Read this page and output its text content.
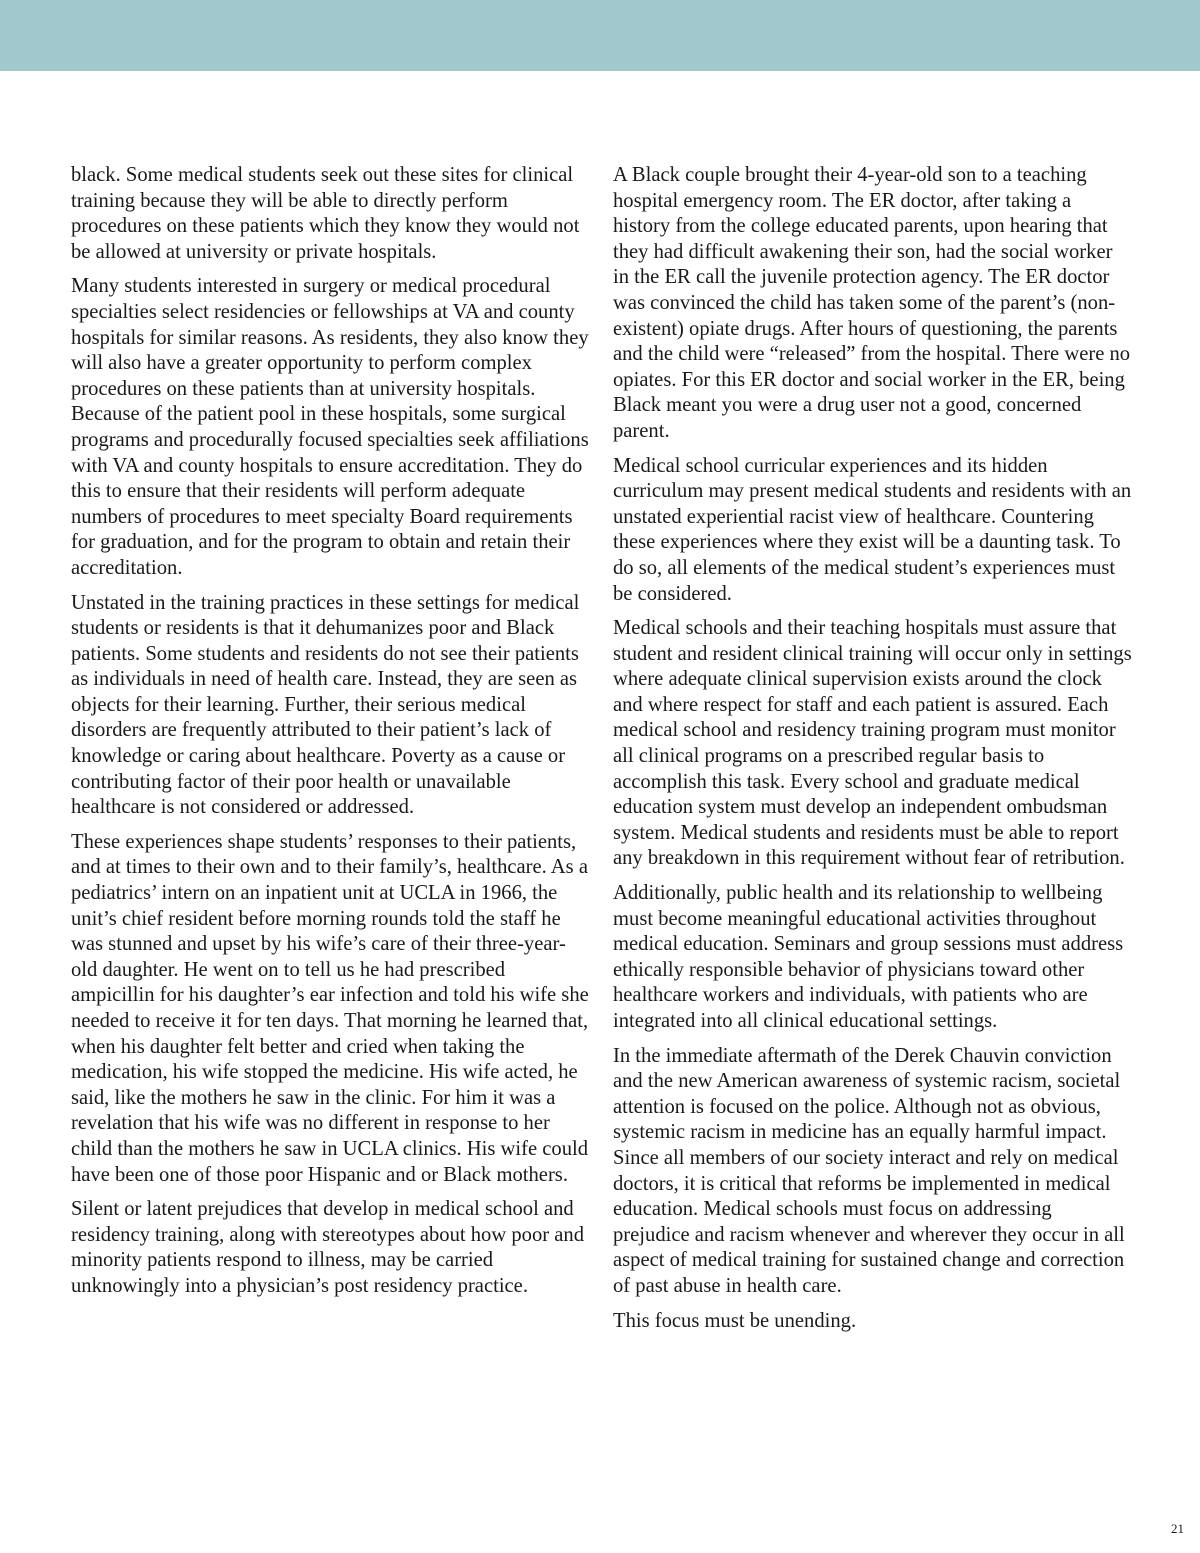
black. Some medical students seek out these sites for clinical training because they will be able to directly perform procedures on these patients which they know they would not be allowed at university or private hospitals.

Many students interested in surgery or medical procedural specialties select residencies or fellowships at VA and county hospitals for similar reasons. As residents, they also know they will also have a greater opportunity to perform complex procedures on these patients than at university hospitals. Because of the patient pool in these hospitals, some surgical programs and procedurally focused specialties seek affiliations with VA and county hospitals to ensure accreditation. They do this to ensure that their residents will perform adequate numbers of procedures to meet specialty Board requirements for graduation, and for the program to obtain and retain their accreditation.

Unstated in the training practices in these settings for medical students or residents is that it dehumanizes poor and Black patients. Some students and residents do not see their patients as individuals in need of health care. Instead, they are seen as objects for their learning. Further, their serious medical disorders are frequently attributed to their patient’s lack of knowledge or caring about healthcare. Poverty as a cause or contributing factor of their poor health or unavailable healthcare is not considered or addressed.

These experiences shape students’ responses to their patients, and at times to their own and to their family’s, healthcare. As a pediatrics’ intern on an inpatient unit at UCLA in 1966, the unit’s chief resident before morning rounds told the staff he was stunned and upset by his wife’s care of their three-year-old daughter. He went on to tell us he had prescribed ampicillin for his daughter’s ear infection and told his wife she needed to receive it for ten days. That morning he learned that, when his daughter felt better and cried when taking the medication, his wife stopped the medicine. His wife acted, he said, like the mothers he saw in the clinic. For him it was a revelation that his wife was no different in response to her child than the mothers he saw in UCLA clinics. His wife could have been one of those poor Hispanic and or Black mothers.

Silent or latent prejudices that develop in medical school and residency training, along with stereotypes about how poor and minority patients respond to illness, may be carried unknowingly into a physician’s post residency practice.

A Black couple brought their 4-year-old son to a teaching hospital emergency room. The ER doctor, after taking a history from the college educated parents, upon hearing that they had difficult awakening their son, had the social worker in the ER call the juvenile protection agency. The ER doctor was convinced the child has taken some of the parent’s (non-existent) opiate drugs. After hours of questioning, the parents and the child were “released” from the hospital. There were no opiates. For this ER doctor and social worker in the ER, being Black meant you were a drug user not a good, concerned parent.

Medical school curricular experiences and its hidden curriculum may present medical students and residents with an unstated experiential racist view of healthcare. Countering these experiences where they exist will be a daunting task. To do so, all elements of the medical student’s experiences must be considered.

Medical schools and their teaching hospitals must assure that student and resident clinical training will occur only in settings where adequate clinical supervision exists around the clock and where respect for staff and each patient is assured. Each medical school and residency training program must monitor all clinical programs on a prescribed regular basis to accomplish this task. Every school and graduate medical education system must develop an independent ombudsman system. Medical students and residents must be able to report any breakdown in this requirement without fear of retribution.

Additionally, public health and its relationship to wellbeing must become meaningful educational activities throughout medical education. Seminars and group sessions must address ethically responsible behavior of physicians toward other healthcare workers and individuals, with patients who are integrated into all clinical educational settings.

In the immediate aftermath of the Derek Chauvin conviction and the new American awareness of systemic racism, societal attention is focused on the police. Although not as obvious, systemic racism in medicine has an equally harmful impact. Since all members of our society interact and rely on medical doctors, it is critical that reforms be implemented in medical education. Medical schools must focus on addressing prejudice and racism whenever and wherever they occur in all aspect of medical training for sustained change and correction of past abuse in health care.

This focus must be unending.

21
